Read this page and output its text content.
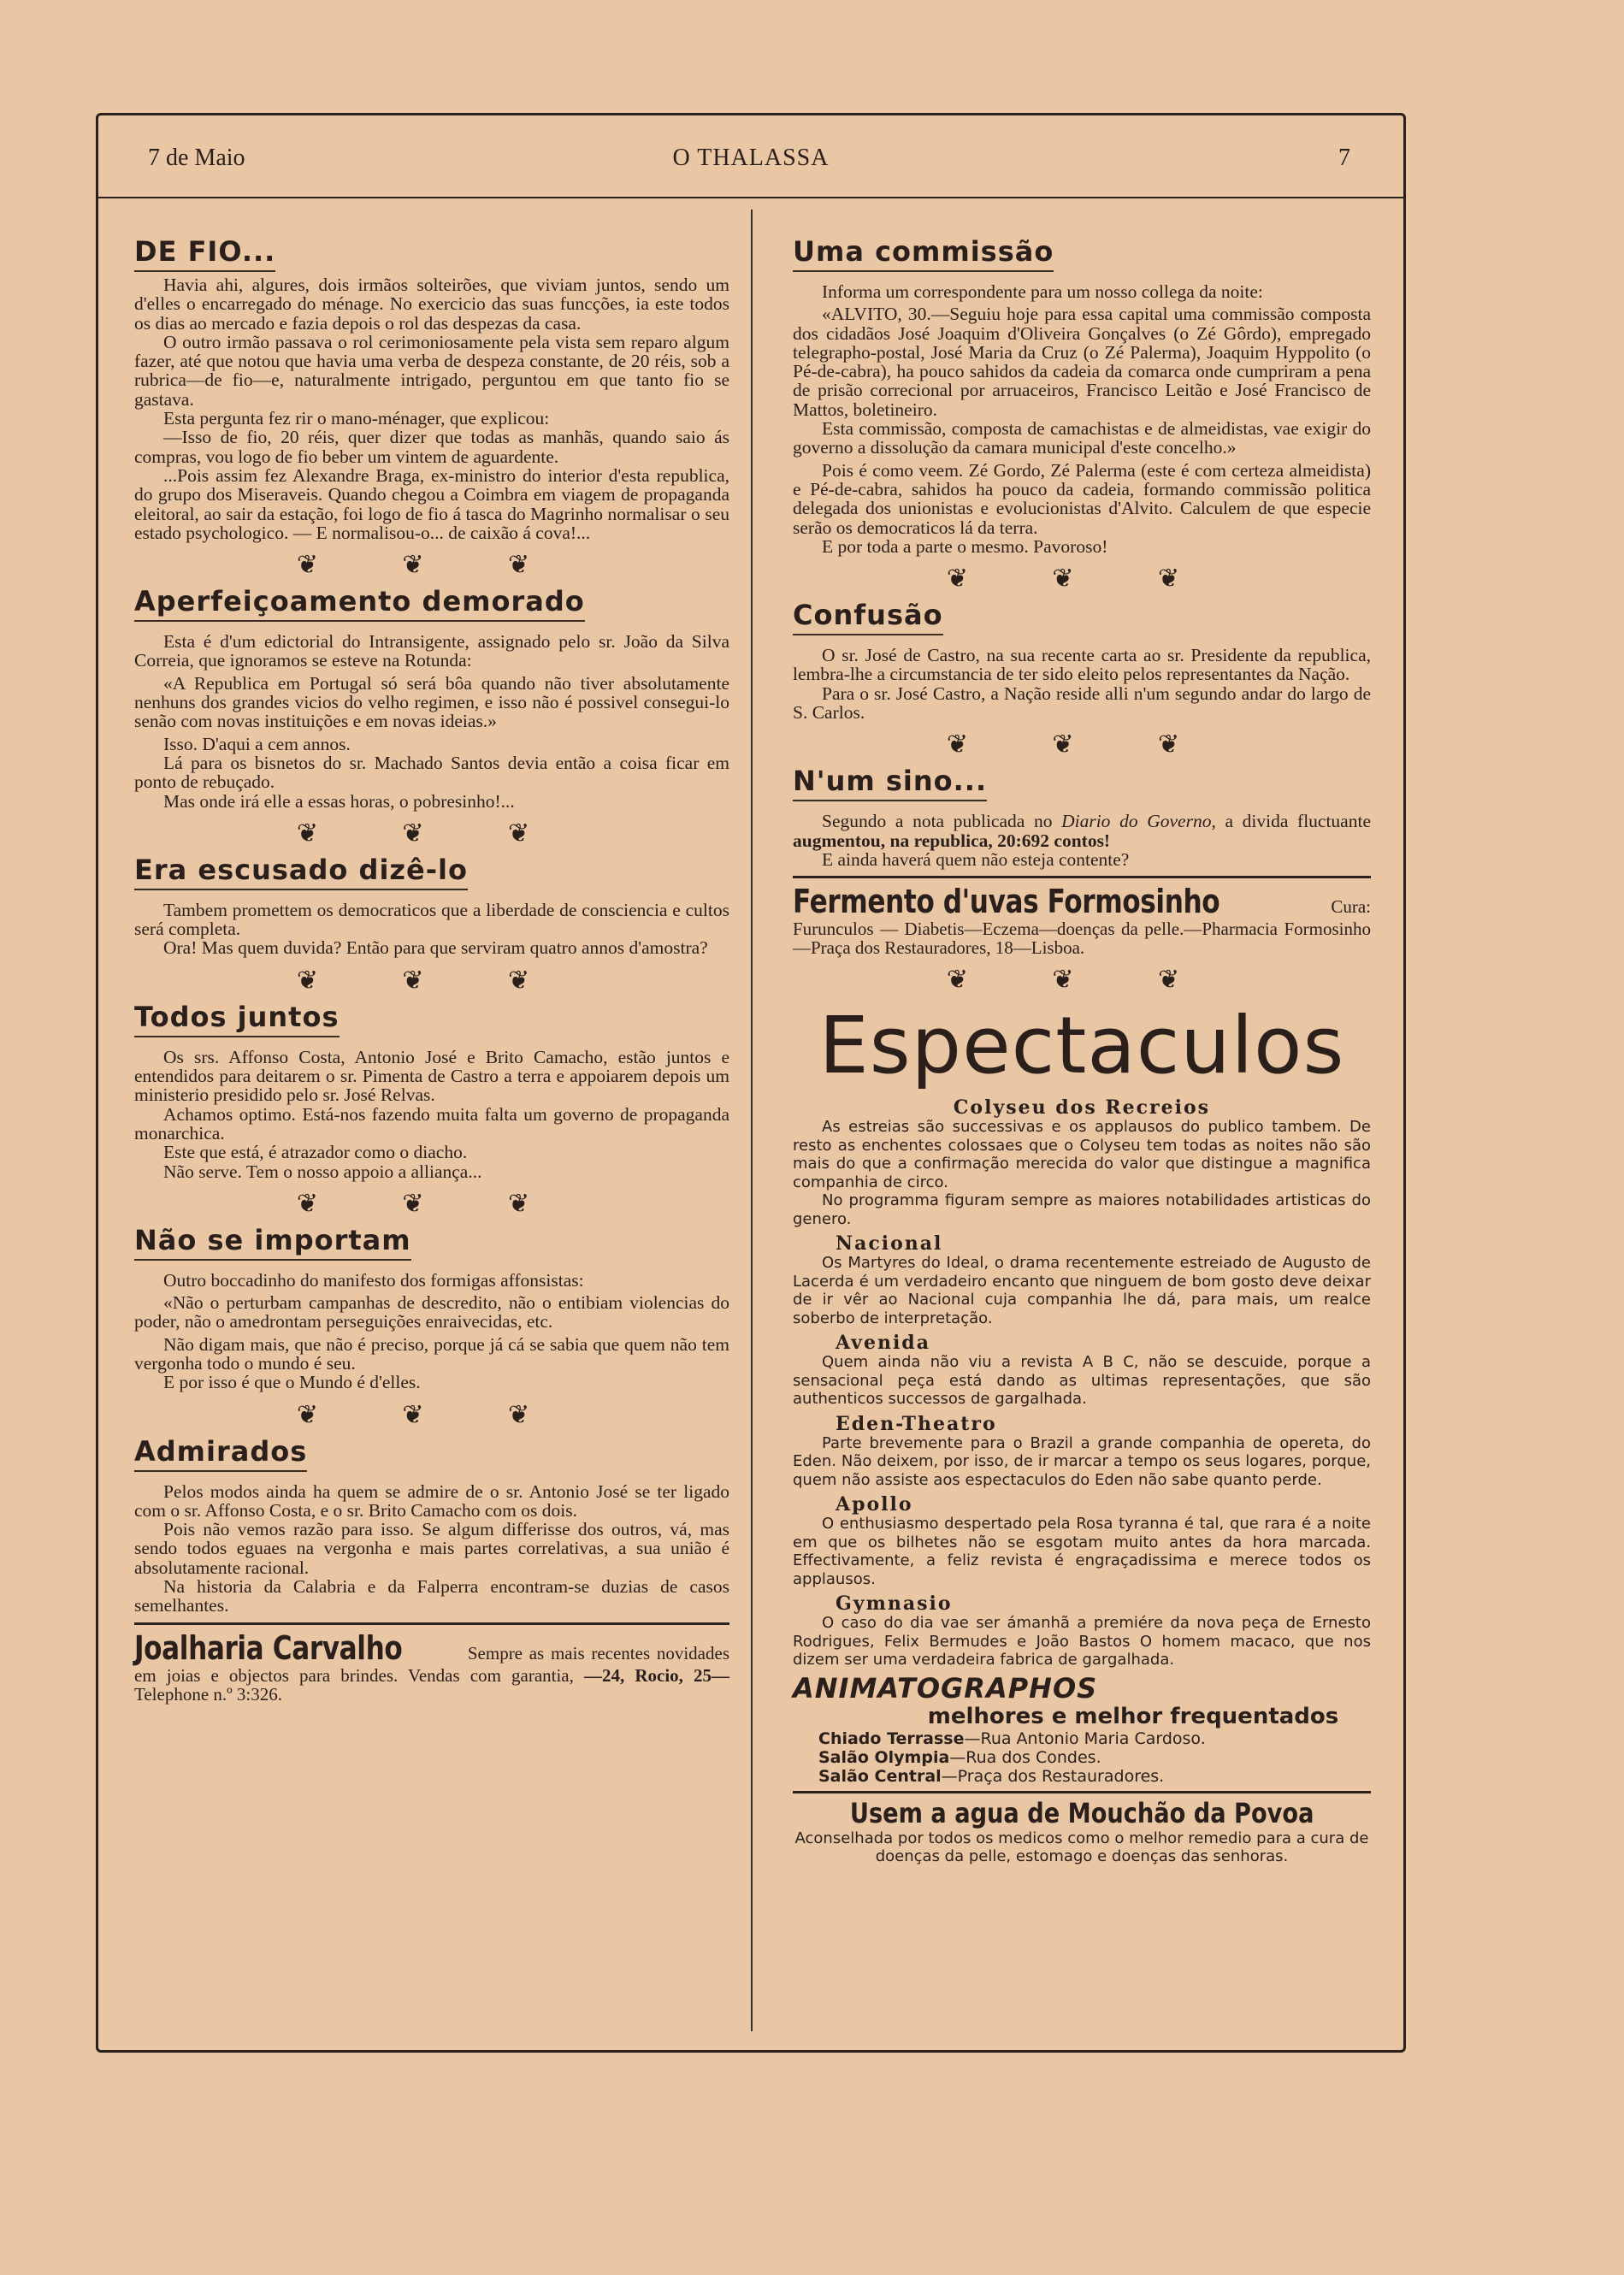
7 de Maio	O THALASSA	7
DE FIO...

Havia ahi, algures, dois irmãos solteirões, que viviam juntos, sendo um d'elles o encarregado do ménage. No exercicio das suas funcções, ia este todos os dias ao mercado e fazia depois o rol das despezas da casa.

O outro irmão passava o rol cerimoniosamente pela vista sem reparo algum fazer, até que notou que havia uma verba de despeza constante, de 20 réis, sob a rubrica—de fio—e, naturalmente intrigado, perguntou em que tanto fio se gastava.

Esta pergunta fez rir o mano-ménager, que explicou:

—Isso de fio, 20 réis, quer dizer que todas as manhãs, quando saio ás compras, vou logo de fio beber um vintem de aguardente.

...Pois assim fez Alexandre Braga, ex-ministro do interior d'esta republica, do grupo dos Miseraveis. Quando chegou a Coimbra em viagem de propaganda eleitoral, ao sair da estação, foi logo de fio á tasca do Magrinho normalisar o seu estado psychologico. — E normalisou-o... de caixão á cova!...

❦ ❦ ❦
Aperfeiçoamento demorado

Esta é d'um edictorial do Intransigente, assignado pelo sr. João da Silva Correia, que ignoramos se esteve na Rotunda:

«A Republica em Portugal só será bôa quando não tiver absolutamente nenhuns dos grandes vicios do velho regimen, e isso não é possivel consegui-lo senão com novas instituições e em novas ideias.»

Isso. D'aqui a cem annos.

Lá para os bisnetos do sr. Machado Santos devia então a coisa ficar em ponto de rebuçado.

Mas onde irá elle a essas horas, o pobresinho!...

❦ ❦ ❦
Era escusado dizê-lo

Tambem promettem os democraticos que a liberdade de consciencia e cultos será completa.

Ora! Mas quem duvida? Então para que serviram quatro annos d'amostra?

❦ ❦ ❦
Todos juntos

Os srs. Affonso Costa, Antonio José e Brito Camacho, estão juntos e entendidos para deitarem o sr. Pimenta de Castro a terra e appoiarem depois um ministerio presidido pelo sr. José Relvas.

Achamos optimo. Está-nos fazendo muita falta um governo de propaganda monarchica.

Este que está, é atrazador como o diacho.

Não serve. Tem o nosso appoio a alliança...

❦ ❦ ❦
Não se importam

Outro boccadinho do manifesto dos formigas affonsistas:

«Não o perturbam campanhas de descredito, não o entibiam violencias do poder, não o amedrontam perseguições enraivecidas, etc.

Não digam mais, que não é preciso, porque já cá se sabia que quem não tem vergonha todo o mundo é seu.

E por isso é que o Mundo é d'elles.

❦ ❦ ❦
Admirados

Pelos modos ainda ha quem se admire de o sr. Antonio José se ter ligado com o sr. Affonso Costa, e o sr. Brito Camacho com os dois.

Pois não vemos razão para isso. Se algum differisse dos outros, vá, mas sendo todos eguaes na vergonha e mais partes correlativas, a sua união é absolutamente racional.

Na historia da Calabria e da Falperra encontram-se duzias de casos semelhantes.

Joalharia Carvalho	Sempre as mais recentes novidades em joias e objectos para brindes. Vendas com garantia, —24, Rocio, 25— Telephone n.º 3:326.

Uma commissão

Informa um correspondente para um nosso collega da noite:

«ALVITO, 30.—Seguiu hoje para essa capital uma commissão composta dos cidadãos José Joaquim d'Oliveira Gonçalves (o Zé Gôrdo), empregado telegrapho-postal, José Maria da Cruz (o Zé Palerma), Joaquim Hyppolito (o Pé-de-cabra), ha pouco sahidos da cadeia da comarca onde cumpriram a pena de prisão correcional por arruaceiros, Francisco Leitão e José Francisco de Mattos, boletineiro.

Esta commissão, composta de camachistas e de almeidistas, vae exigir do governo a dissolução da camara municipal d'este concelho.»

Pois é como veem. Zé Gordo, Zé Palerma (este é com certeza almeidista) e Pé-de-cabra, sahidos ha pouco da cadeia, formando commissão politica delegada dos unionistas e evolucionistas d'Alvito. Calculem de que especie serão os democraticos lá da terra.

E por toda a parte o mesmo. Pavoroso!

❦ ❦ ❦
Confusão

O sr. José de Castro, na sua recente carta ao sr. Presidente da republica, lembra-lhe a circumstancia de ter sido eleito pelos representantes da Nação.

Para o sr. José Castro, a Nação reside alli n'um segundo andar do largo de S. Carlos.

❦ ❦ ❦
N'um sino...

Segundo a nota publicada no Diario do Governo, a divida fluctuante augmentou, na republica, 20:692 contos!

E ainda haverá quem não esteja contente?

Fermento d'uvas Formosinho	Cura: Furunculos — Diabetis—Eczema—doenças da pelle.—Pharmacia Formosinho—Praça dos Restauradores, 18—Lisboa.

❦ ❦ ❦
Espectaculos
Colyseu dos Recreios

As estreias são successivas e os applausos do publico tambem. De resto as enchentes colossaes que o Colyseu tem todas as noites não são mais do que a confirmação merecida do valor que distingue a magnifica companhia de circo.

No programma figuram sempre as maiores notabilidades artisticas do genero.

Nacional

Os Martyres do Ideal, o drama recentemente estreiado de Augusto de Lacerda é um verdadeiro encanto que ninguem de bom gosto deve deixar de ir vêr ao Nacional cuja companhia lhe dá, para mais, um realce soberbo de interpretação.

Avenida

Quem ainda não viu a revista A B C, não se descuide, porque a sensacional peça está dando as ultimas representações, que são authenticos successos de gargalhada.

Eden-Theatro

Parte brevemente para o Brazil a grande companhia de opereta, do Eden. Não deixem, por isso, de ir marcar a tempo os seus logares, porque, quem não assiste aos espectaculos do Eden não sabe quanto perde.

Apollo

O enthusiasmo despertado pela Rosa tyranna é tal, que rara é a noite em que os bilhetes não se esgotam muito antes da hora marcada. Effectivamente, a feliz revista é engraçadissima e merece todos os applausos.

Gymnasio

O caso do dia vae ser ámanhã a premiére da nova peça de Ernesto Rodrigues, Felix Bermudes e João Bastos O homem macaco, que nos dizem ser uma verdadeira fabrica de gargalhada.

ANIMATOGRAPHOS
melhores e melhor frequentados
Chiado Terrasse—Rua Antonio Maria Cardoso.
Salão Olympia—Rua dos Condes.
Salão Central—Praça dos Restauradores.
Usem a agua de Mouchão da Povoa
Aconselhada por todos os medicos como o melhor remedio para a cura de doenças da pelle, estomago e doenças das senhoras.
